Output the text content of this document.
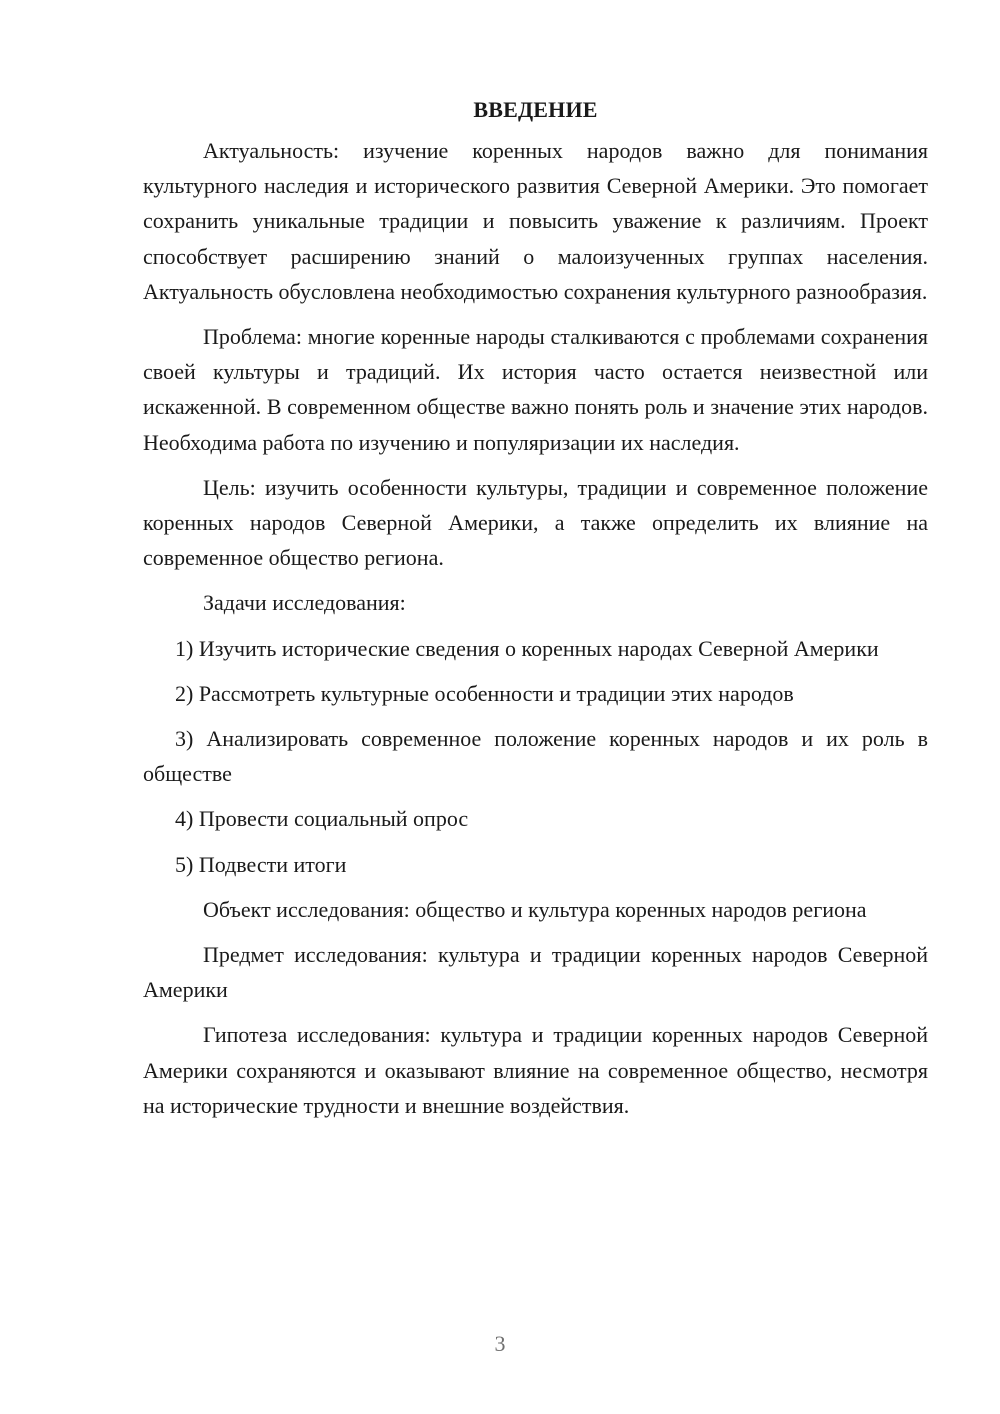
ВВЕДЕНИЕ

Актуальность: изучение коренных народов важно для понимания культурного наследия и исторического развития Северной Америки. Это помогает сохранить уникальные традиции и повысить уважение к различиям. Проект способствует расширению знаний о малоизученных группах населения. Актуальность обусловлена необходимостью сохранения культурного разнообразия.

Проблема: многие коренные народы сталкиваются с проблемами сохранения своей культуры и традиций. Их история часто остается неизвестной или искаженной. В современном обществе важно понять роль и значение этих народов. Необходима работа по изучению и популяризации их наследия.

Цель: изучить особенности культуры, традиции и современное положение коренных народов Северной Америки, а также определить их влияние на современное общество региона.

Задачи исследования:

1) Изучить исторические сведения о коренных народах Северной Америки

2) Рассмотреть культурные особенности и традиции этих народов

3) Анализировать современное положение коренных народов и их роль в обществе

4) Провести социальный опрос

5) Подвести итоги

Объект исследования: общество и культура коренных народов региона

Предмет исследования: культура и традиции коренных народов Северной Америки

Гипотеза исследования: культура и традиции коренных народов Северной Америки сохраняются и оказывают влияние на современное общество, несмотря на исторические трудности и внешние воздействия.

3
